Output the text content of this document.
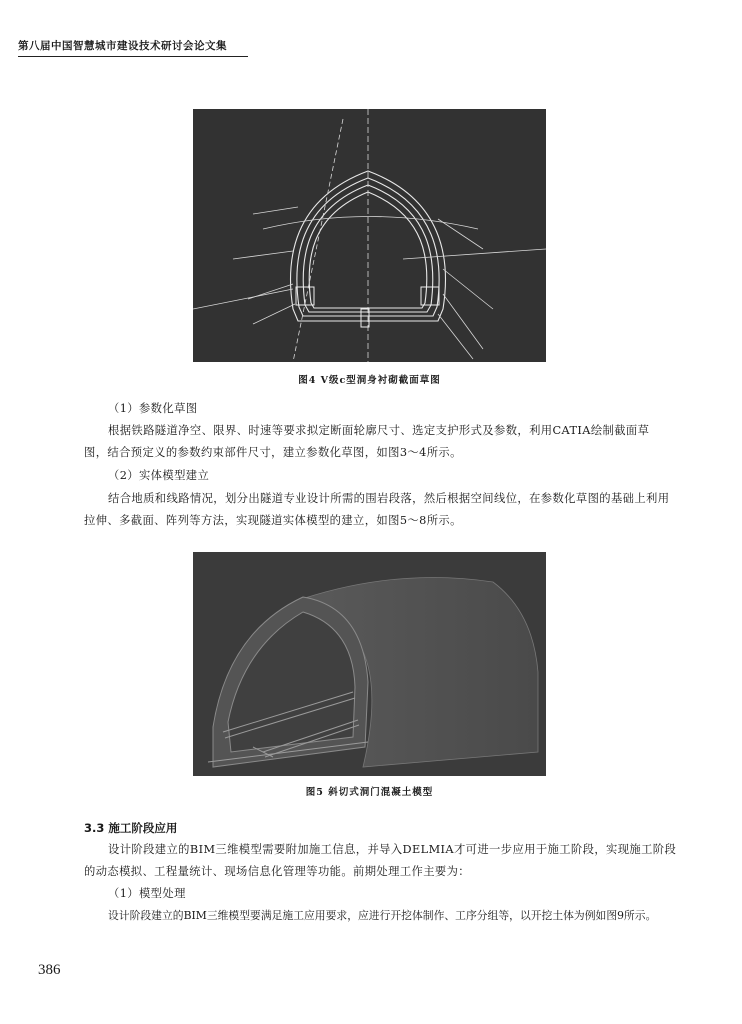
第八届中国智慧城市建设技术研讨会论文集
图4 V级c型洞身衬砌截面草图
（1）参数化草图
根据铁路隧道净空、限界、时速等要求拟定断面轮廓尺寸、选定支护形式及参数，利用CATIA绘制截面草
图，结合预定义的参数约束部件尺寸，建立参数化草图，如图3～4所示。
（2）实体模型建立
结合地质和线路情况，划分出隧道专业设计所需的围岩段落，然后根据空间线位，在参数化草图的基础上利用
拉伸、多截面、阵列等方法，实现隧道实体模型的建立，如图5～8所示。
图5 斜切式洞门混凝土模型
3.3 施工阶段应用
设计阶段建立的BIM三维模型需要附加施工信息，并导入DELMIA才可进一步应用于施工阶段，实现施工阶段
的动态模拟、工程量统计、现场信息化管理等功能。前期处理工作主要为：
（1）模型处理
设计阶段建立的BIM三维模型要满足施工应用要求，应进行开挖体制作、工序分组等，以开挖土体为例如图9所示。
386
